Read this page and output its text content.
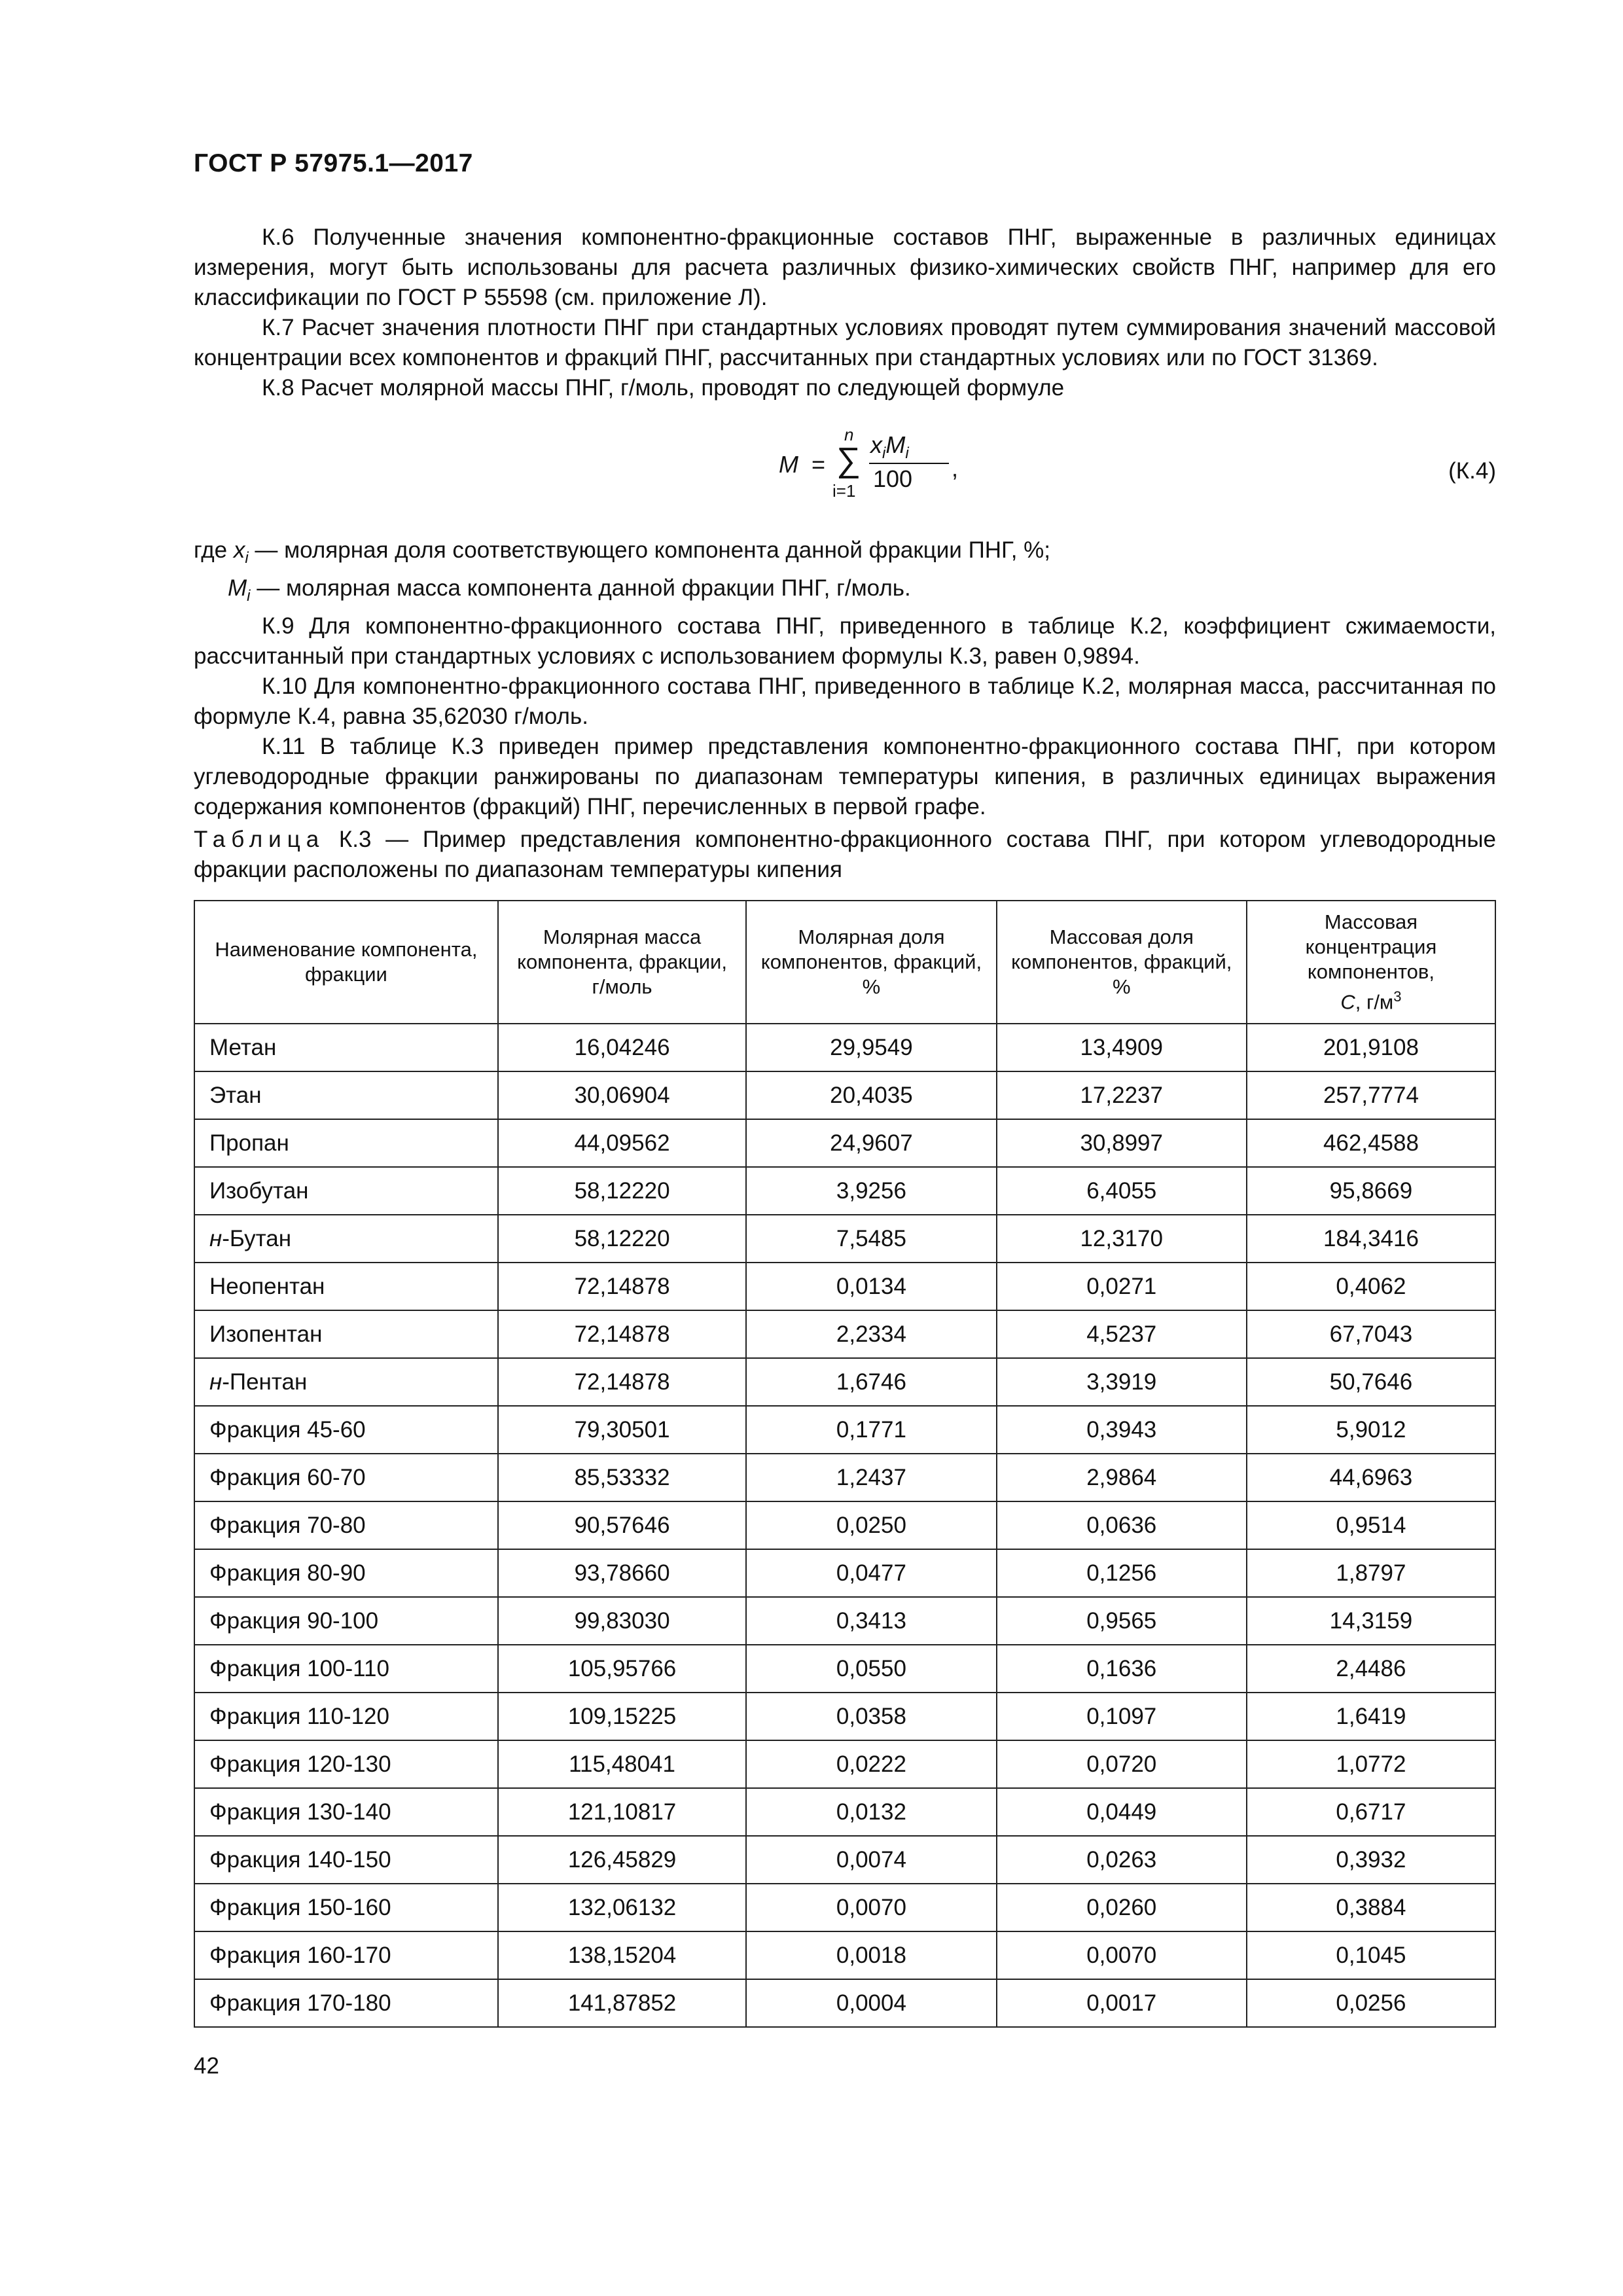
ГОСТ Р 57975.1—2017

К.6 Полученные значения компонентно-фракционные составов ПНГ, выраженные в различных единицах измерения, могут быть использованы для расчета различных физико-химических свойств ПНГ, например для его классификации по ГОСТ Р 55598 (см. приложение Л).

К.7 Расчет значения плотности ПНГ при стандартных условиях проводят путем суммирования значений массовой концентрации всех компонентов и фракций ПНГ, рассчитанных при стандартных условиях или по ГОСТ 31369.

К.8 Расчет молярной массы ПНГ, г/моль, проводят по следующей формуле

M =
n
∑
i=1
$x_iM_i$
100 ,	(К.4)

где $x_i$ — молярная доля соответствующего компонента данной фракции ПНГ, %;

$M_i$ — молярная масса компонента данной фракции ПНГ, г/моль.

К.9 Для компонентно-фракционного состава ПНГ, приведенного в таблице К.2, коэффициент сжимаемости, рассчитанный при стандартных условиях с использованием формулы К.3, равен 0,9894.

К.10 Для компонентно-фракционного состава ПНГ, приведенного в таблице К.2, молярная масса, рассчитанная по формуле К.4, равна 35,62030 г/моль.

К.11 В таблице К.3 приведен пример представления компонентно-фракционного состава ПНГ, при котором углеводородные фракции ранжированы по диапазонам температуры кипения, в различных единицах выражения содержания компонентов (фракций) ПНГ, перечисленных в первой графе.

Таблица К.3 — Пример представления компонентно-фракционного состава ПНГ, при котором углеводородные фракции расположены по диапазонам температуры кипения
Наименование компонента, фракции	Молярная масса компонента, фракции, г/моль	Молярная доля компонентов, фракций, %	Массовая доля компонентов, фракций, %	Массовая концентрация компонентов,
C, $г/м^3$
Метан	16,04246	29,9549	13,4909	201,9108
Этан	30,06904	20,4035	17,2237	257,7774
Пропан	44,09562	24,9607	30,8997	462,4588
Изобутан	58,12220	3,9256	6,4055	95,8669
н-Бутан	58,12220	7,5485	12,3170	184,3416
Неопентан	72,14878	0,0134	0,0271	0,4062
Изопентан	72,14878	2,2334	4,5237	67,7043
н-Пентан	72,14878	1,6746	3,3919	50,7646
Фракция 45-60	79,30501	0,1771	0,3943	5,9012
Фракция 60-70	85,53332	1,2437	2,9864	44,6963
Фракция 70-80	90,57646	0,0250	0,0636	0,9514
Фракция 80-90	93,78660	0,0477	0,1256	1,8797
Фракция 90-100	99,83030	0,3413	0,9565	14,3159
Фракция 100-110	105,95766	0,0550	0,1636	2,4486
Фракция 110-120	109,15225	0,0358	0,1097	1,6419
Фракция 120-130	115,48041	0,0222	0,0720	1,0772
Фракция 130-140	121,10817	0,0132	0,0449	0,6717
Фракция 140-150	126,45829	0,0074	0,0263	0,3932
Фракция 150-160	132,06132	0,0070	0,0260	0,3884
Фракция 160-170	138,15204	0,0018	0,0070	0,1045
Фракция 170-180	141,87852	0,0004	0,0017	0,0256
42
